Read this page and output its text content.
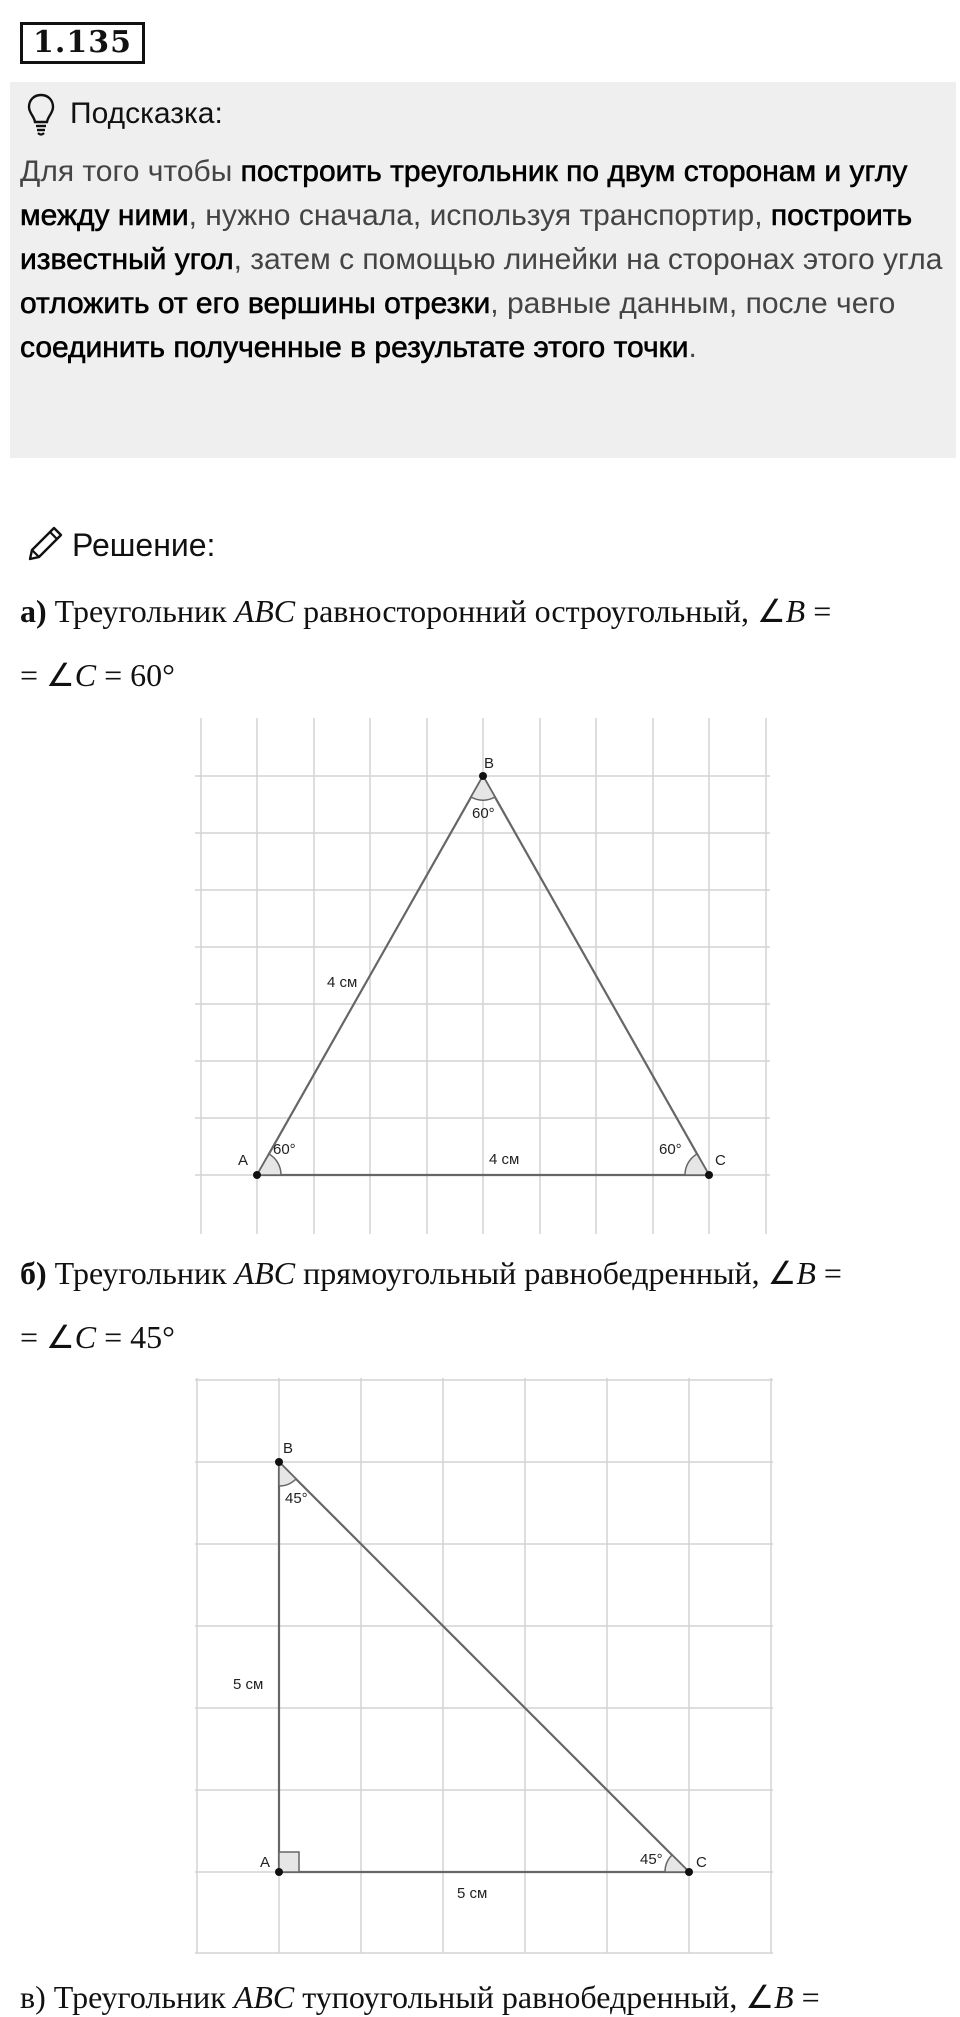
1.135
Подсказка:
Для того чтобы построить треугольник по двум сторонам и углу между ними, нужно сначала, используя транспортир, построить известный угол, затем с помощью линейки на сторонах этого угла отложить от его вершины отрезки, равные данным, после чего соединить полученные в результате этого точки.
Решение:
а) Треугольник ABC равносторонний остроугольный, ∠B =
= ∠C = 60°
A
B
C
60°
60°
60°
4 см
4 см
б) Треугольник ABC прямоугольный равнобедренный, ∠B =
= ∠C = 45°
B
A	C
45°
45°
5 см
5 см
в) Треугольник ABC тупоугольный равнобедренный, ∠B =
